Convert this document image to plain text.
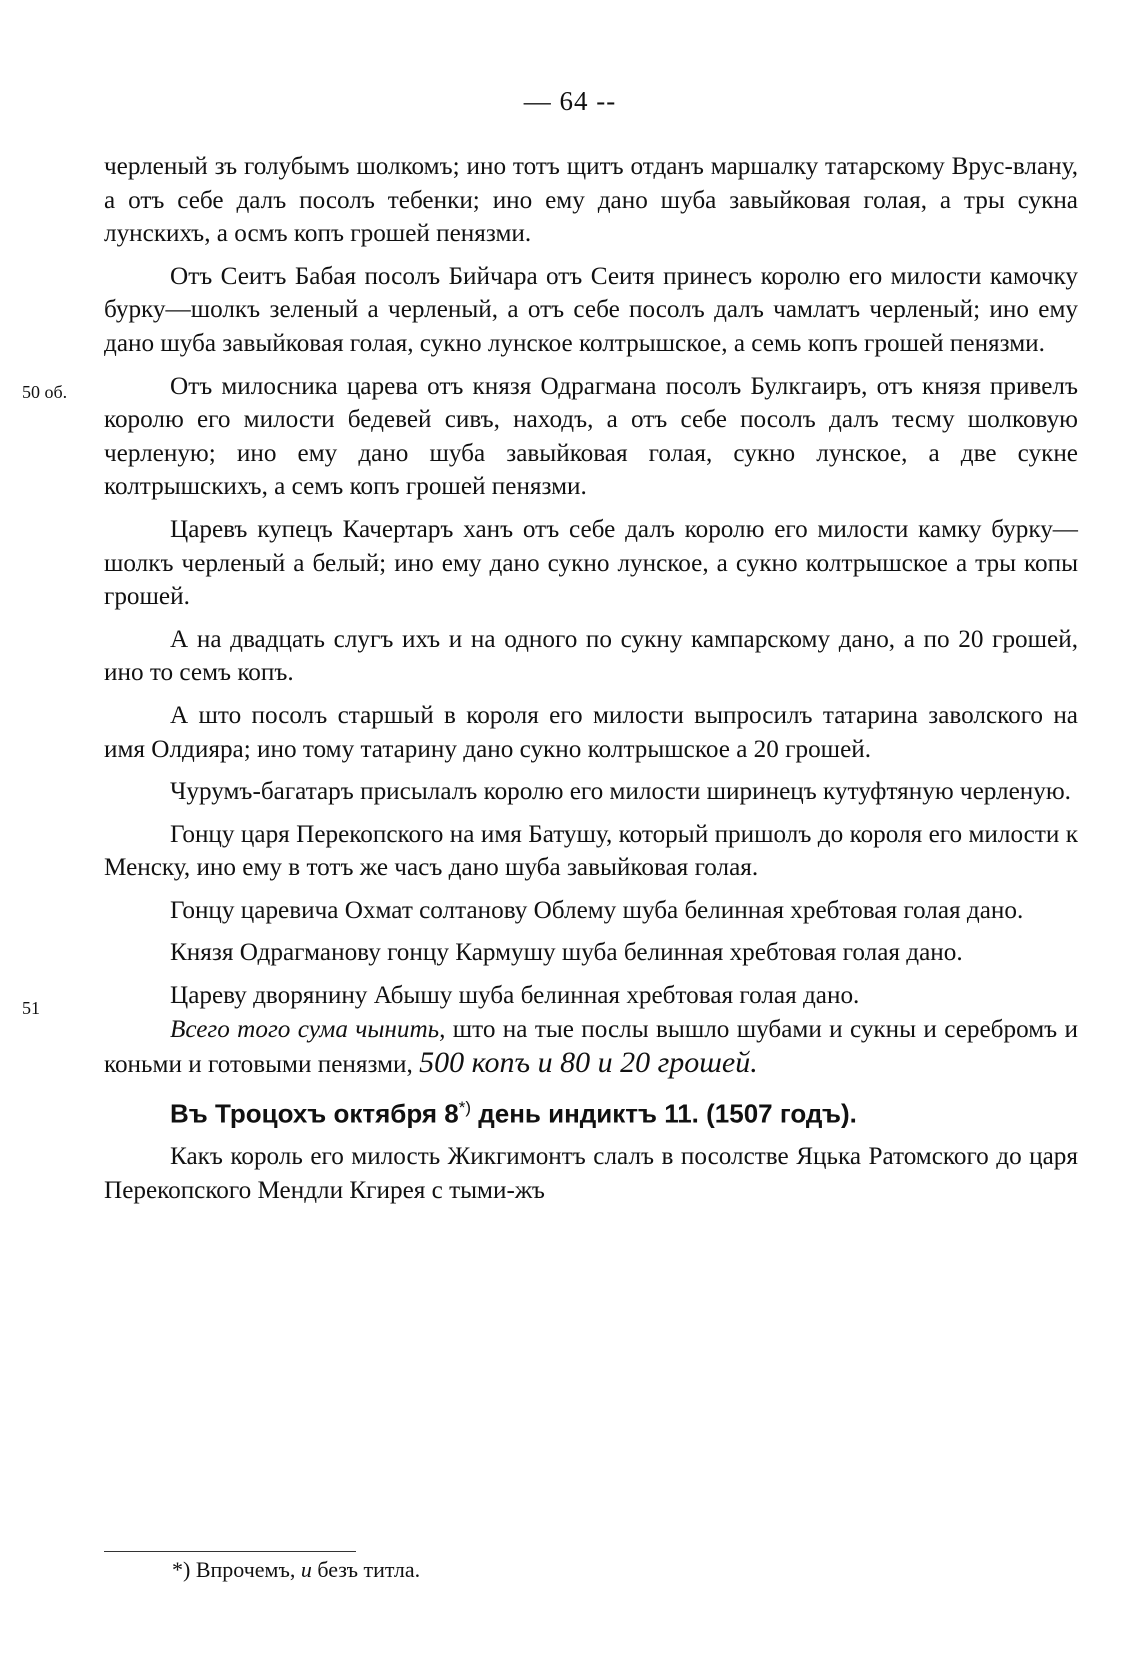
— 64 --
50 об.
51

черленый зъ голубымъ шолкомъ; ино тотъ щитъ отданъ маршалку татарскому Врус-влану, а отъ себе далъ посолъ тебенки; ино ему дано шуба завыйковая голая, а тры сукна лунскихъ, а осмъ копъ грошей пенязми.

Отъ Сеитъ Бабая посолъ Бийчара отъ Сеитя принесъ королю его милости камочку бурку—шолкъ зеленый а черленый, а отъ себе посолъ далъ чамлатъ черленый; ино ему дано шуба завыйковая голая, сукно лунское колтрышское, а семь копъ грошей пенязми.

Отъ милосника царева отъ князя Одрагмана посолъ Булкгаиръ, отъ князя привелъ королю его милости бедевей сивъ, находъ, а отъ себе посолъ далъ тесму шолковую черленую; ино ему дано шуба завыйковая голая, сукно лунское, а две сукне колтрышскихъ, а семъ копъ грошей пенязми.

Царевъ купецъ Качертаръ ханъ отъ себе далъ королю его милости камку бурку—шолкъ черленый а белый; ино ему дано сукно лунское, а сукно колтрышское а тры копы грошей.

А на двадцать слугъ ихъ и на одного по сукну кампарскому дано, а по 20 грошей, ино то семъ копъ.

А што посолъ старшый в короля его милости выпросилъ татарина заволского на имя Олдияра; ино тому татарину дано сукно колтрышское а 20 грошей.

Чурумъ-багатаръ присылалъ королю его милости ширинецъ кутуфтяную черленую.

Гонцу царя Перекопского на имя Батушу, который пришолъ до короля его милости к Менску, ино ему в тотъ же часъ дано шуба завыйковая голая.

Гонцу царевича Охмат солтанову Облему шуба белинная хребтовая голая дано.

Князя Одрагманову гонцу Кармушу шуба белинная хребтовая голая дано.

Цареву дворянину Абышу шуба белинная хребтовая голая дано.

Всего того сума чынить, што на тые послы вышло шубами и сукны и серебромъ и коньми и готовыми пенязми, 500 копъ и 80 и 20 грошей.

Въ Троцохъ октября 8*) день индиктъ 11. (1507 годъ).

Какъ король его милость Жикгимонтъ слалъ в посолстве Яцька Ратомского до царя Перекопского Мендли Кгирея с тыми-жъ

*) Впрочемъ, и безъ титла.
